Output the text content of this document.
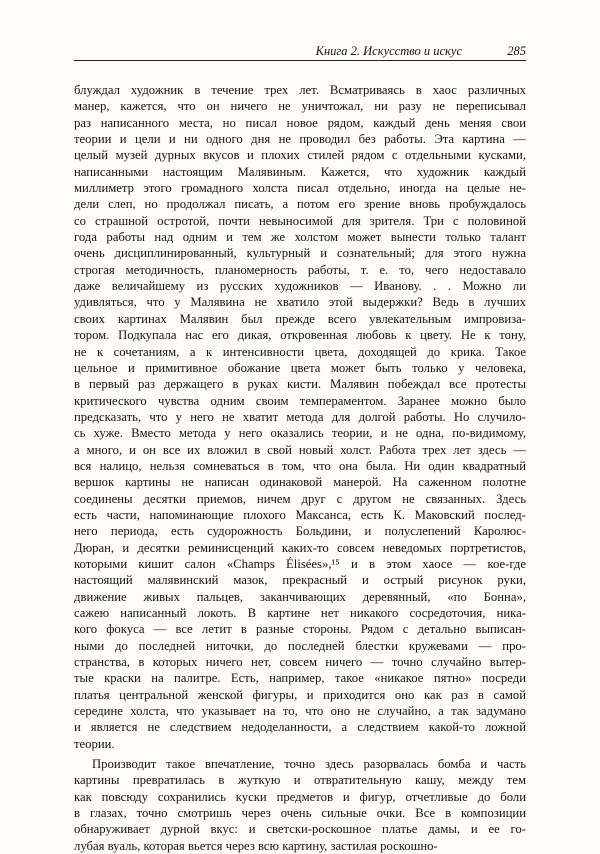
Книга 2. Искусство и искус	285
блуждал художник в течение трех лет. Всматриваясь в хаос различных
манер, кажется, что он ничего не уничтожал, ни разу не переписывал
раз написанного места, но писал новое рядом, каждый день меняя свои
теории и цели и ни одного дня не проводил без работы. Эта картина —
целый музей дурных вкусов и плохих стилей рядом с отдельными кусками,
написанными настоящим Малявиным. Кажется, что художник каждый
миллиметр этого громадного холста писал отдельно, иногда на целые не-
дели слеп, но продолжал писать, а потом его зрение вновь пробуждалось
со страшной остротой, почти невыносимой для зрителя. Три с половиной
года работы над одним и тем же холстом может вынести только талант
очень дисциплинированный, культурный и сознательный; для этого нужна
строгая методичность, планомерность работы, т. е. то, чего недоставало
даже величайшему из русских художников — Иванову. . . Можно ли
удивляться, что у Малявина не хватило этой выдержки? Ведь в лучших
своих картинах Малявин был прежде всего увлекательным импровиза-
тором. Подкупала нас его дикая, откровенная любовь к цвету. Не к тону,
не к сочетаниям, а к интенсивности цвета, доходящей до крика. Такое
цельное и примитивное обожание цвета может быть только у человека,
в первый раз держащего в руках кисти. Малявин побеждал все протесты
критического чувства одним своим темпераментом. Заранее можно было
предсказать, что у него не хватит метода для долгой работы. Но случило-
сь хуже. Вместо метода у него оказались теории, и не одна, по-видимому,
а много, и он все их вложил в свой новый холст. Работа трех лет здесь —
вся налицо, нельзя сомневаться в том, что она была. Ни один квадратный
вершок картины не написан одинаковой манерой. На саженном полотне
соединены десятки приемов, ничем друг с другом не связанных. Здесь
есть части, напоминающие плохого Максанса, есть К. Маковский послед-
него периода, есть судорожность Больдини, и полуслепений Каролюс-
Дюран, и десятки реминисценций каких-то совсем неведомых портретистов,
которыми кишит салон «Champs Élisées»,¹⁵ и в этом хаосе — кое-где
настоящий малявинский мазок, прекрасный и острый рисунок руки,
движение живых пальцев, заканчивающих деревянный, «по Бонна»,
сажею написанный локоть. В картине нет никакого сосредоточия, ника-
кого фокуса — все летит в разные стороны. Рядом с детально выписан-
ными до последней ниточки, до последней блестки кружевами — про-
странства, в которых ничего нет, совсем ничего — точно случайно вытер-
тые краски на палитре. Есть, например, такое «никакое пятно» посреди
платья центральной женской фигуры, и приходится оно как раз в самой
середине холста, что указывает на то, что оно не случайно, а так задумано
и является не следствием недоделанности, а следствием какой-то ложной
теории.
Производит такое впечатление, точно здесь разорвалась бомба и часть
картины превратилась в жуткую и отвратительную кашу, между тем
как повсюду сохранились куски предметов и фигур, отчетливые до боли
в глазах, точно смотришь через очень сильные очки. Все в композиции
обнаруживает дурной вкус: и светски-роскошное платье дамы, и ее го-
лубая вуаль, которая вьется через всю картину, застилая роскошно-
